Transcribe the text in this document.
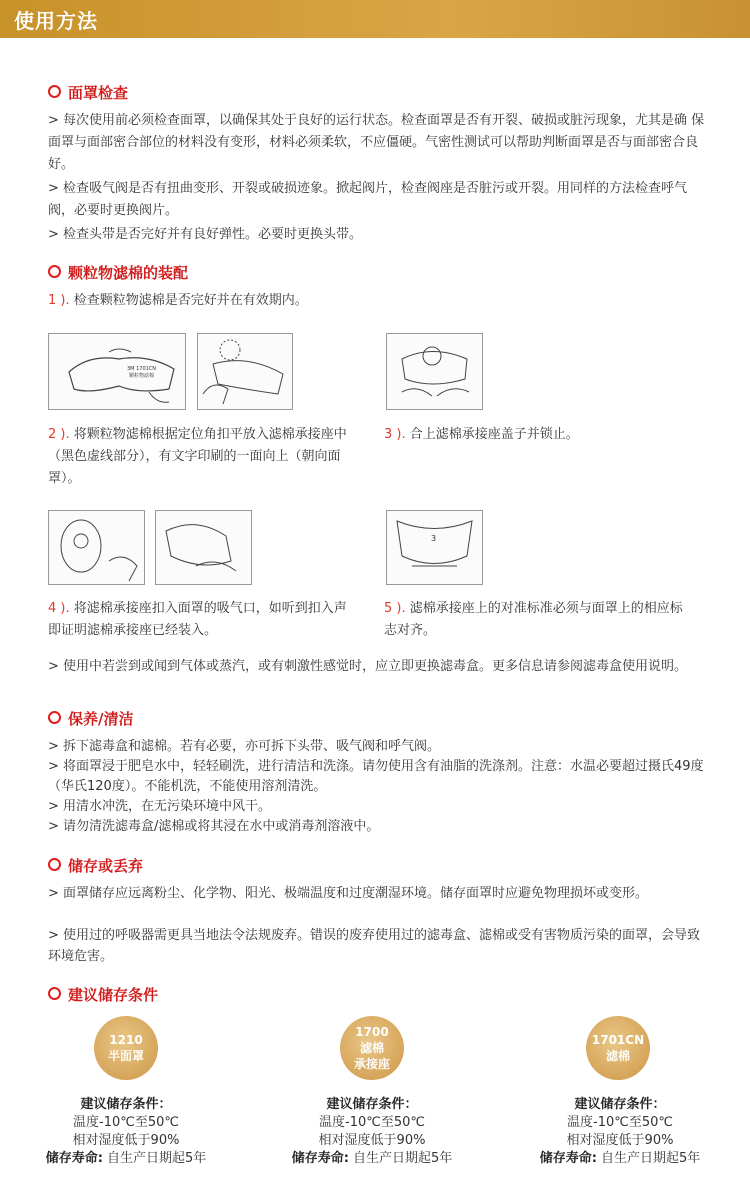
使用方法
面罩检查
> 每次使用前必须检查面罩，以确保其处于良好的运行状态。检查面罩是否有开裂、破损或脏污现象，尤其是确 保面罩与面部密合部位的材料没有变形，材料必须柔软，不应僵硬。气密性测试可以帮助判断面罩是否与面部密合良好。
> 检查吸气阀是否有扭曲变形、开裂或破损迹象。掀起阀片，检查阀座是否脏污或开裂。用同样的方法检查呼气阀，必要时更换阀片。
> 检查头带是否完好并有良好弹性。必要时更换头带。
颗粒物滤棉的装配
1 ). 检查颗粒物滤棉是否完好并在有效期内。
3M 1701CN
颗粒物滤棉
2 ). 将颗粒物滤棉根据定位角扣平放入滤棉承接座中（黑色虚线部分），有文字印刷的一面向上（朝向面罩）。
3 ). 合上滤棉承接座盖子并锁止。
3
4 ). 将滤棉承接座扣入面罩的吸气口，如听到扣入声即证明滤棉承接座已经装入。
5 ). 滤棉承接座上的对准标准必须与面罩上的相应标志对齐。
> 使用中若尝到或闻到气体或蒸汽，或有刺激性感觉时，应立即更换滤毒盒。更多信息请参阅滤毒盒使用说明。
保养/清洁
> 拆下滤毒盒和滤棉。若有必要，亦可拆下头带、吸气阀和呼气阀。
> 将面罩浸于肥皂水中，轻轻刷洗，进行清洁和洗涤。请勿使用含有油脂的洗涤剂。注意：水温必要超过摄氏49度（华氏120度）。不能机洗，不能使用溶剂清洗。
> 用清水冲洗，在无污染环境中风干。
> 请勿清洗滤毒盒/滤棉或将其浸在水中或消毒剂溶液中。
储存或丢弃
> 面罩储存应远离粉尘、化学物、阳光、极端温度和过度潮湿环境。储存面罩时应避免物理损坏或变形。
> 使用过的呼吸器需更具当地法令法规废弃。错误的废弃使用过的滤毒盒、滤棉或受有害物质污染的面罩，会导致环境危害。
建议储存条件
1210
半面罩
1700
滤棉
承接座
1701CN
滤棉
建议储存条件：
温度-10℃至50℃
相对湿度低于90%
储存寿命: 自生产日期起5年
建议储存条件：
温度-10℃至50℃
相对湿度低于90%
储存寿命: 自生产日期起5年
建议储存条件：
温度-10℃至50℃
相对湿度低于90%
储存寿命: 自生产日期起5年
